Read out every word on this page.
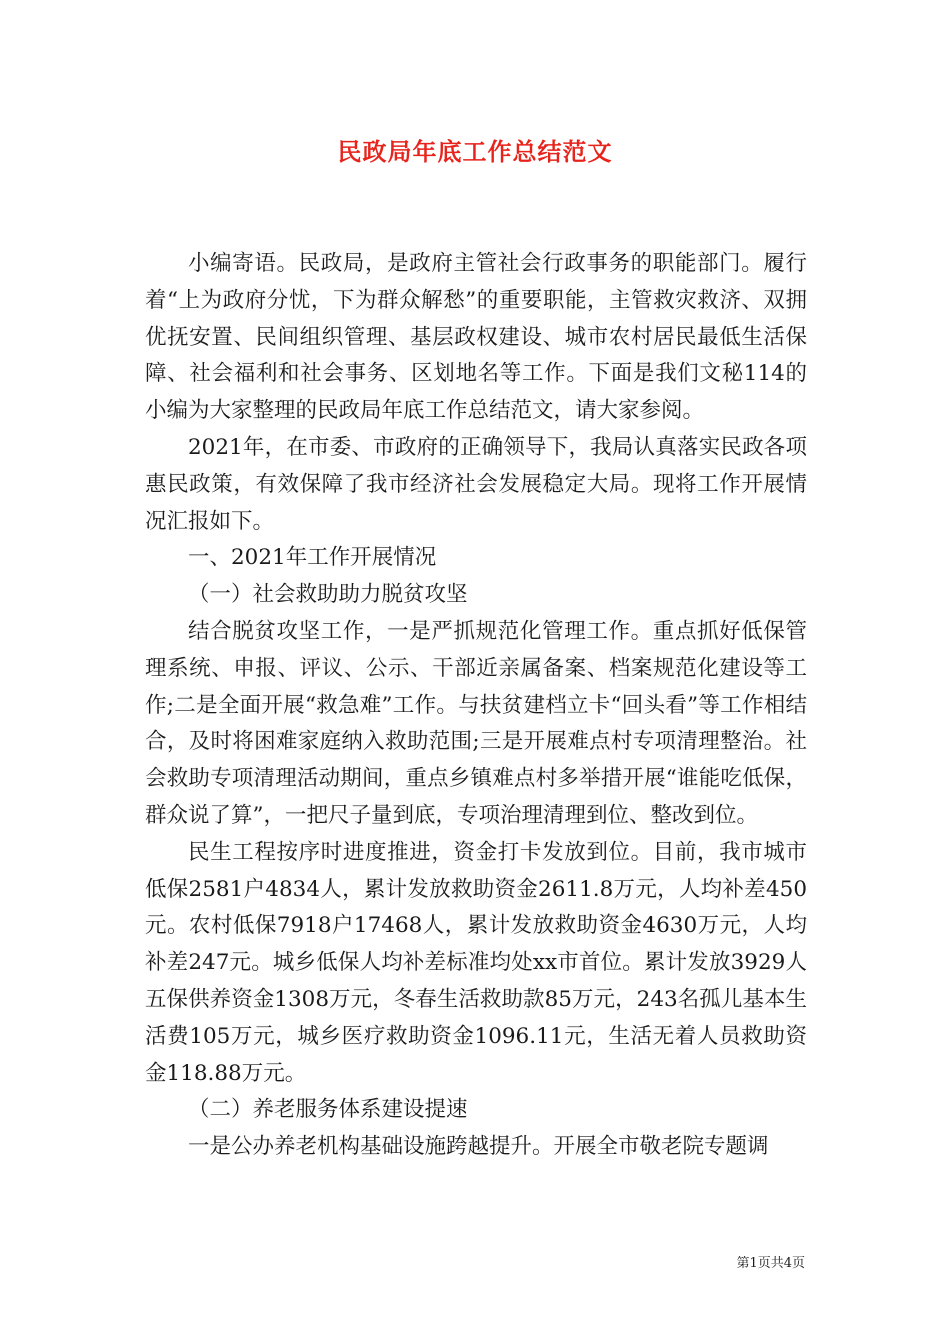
民政局年底工作总结范文

小编寄语。民政局，是政府主管社会行政事务的职能部门。履行着“上为政府分忧，下为群众解愁”的重要职能，主管救灾救济、双拥优抚安置、民间组织管理、基层政权建设、城市农村居民最低生活保障、社会福利和社会事务、区划地名等工作。下面是我们文秘114的小编为大家整理的民政局年底工作总结范文，请大家参阅。

2021年，在市委、市政府的正确领导下，我局认真落实民政各项惠民政策，有效保障了我市经济社会发展稳定大局。现将工作开展情况汇报如下。

一、2021年工作开展情况

（一）社会救助助力脱贫攻坚

结合脱贫攻坚工作，一是严抓规范化管理工作。重点抓好低保管理系统、申报、评议、公示、干部近亲属备案、档案规范化建设等工作;二是全面开展“救急难”工作。与扶贫建档立卡“回头看”等工作相结合，及时将困难家庭纳入救助范围;三是开展难点村专项清理整治。社会救助专项清理活动期间，重点乡镇难点村多举措开展“谁能吃低保，群众说了算”，一把尺子量到底，专项治理清理到位、整改到位。

民生工程按序时进度推进，资金打卡发放到位。目前，我市城市低保2581户4834人，累计发放救助资金2611.8万元，人均补差450元。农村低保7918户17468人，累计发放救助资金4630万元，人均补差247元。城乡低保人均补差标准均处xx市首位。累计发放3929人五保供养资金1308万元，冬春生活救助款85万元，243名孤儿基本生活费105万元，城乡医疗救助资金1096.11元，生活无着人员救助资金118.88万元。

（二）养老服务体系建设提速

一是公办养老机构基础设施跨越提升。开展全市敬老院专题调

第1页共4页
